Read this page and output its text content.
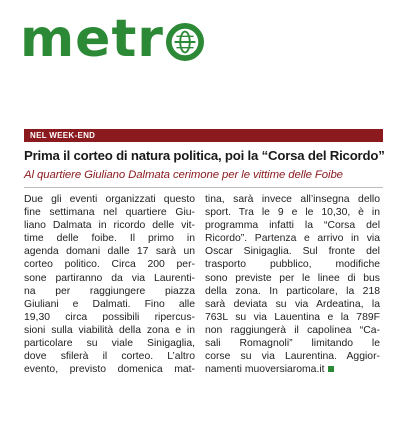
metr
NEL WEEK-END
Prima il corteo di natura politica, poi la “Corsa del Ricordo”
Al quartiere Giuliano Dalmata cerimone per le vittime delle Foibe
Due gli eventi organizzati questo
fine settimana nel quartiere Giu-
liano Dalmata in ricordo delle vit-
time delle foibe. Il primo in
agenda domani dalle 17 sarà un
corteo politico. Circa 200 per-
sone partiranno da via Laurenti-
na per raggiungere piazza
Giuliani e Dalmati. Fino alle
19,30 circa possibili ripercus-
sioni sulla viabilità della zona e in
particolare su viale Sinigaglia,
dove sfilerà il corteo. L’altro
evento, previsto domenica mat-
tina, sarà invece all’insegna dello
sport. Tra le 9 e le 10,30, è in
programma infatti la “Corsa del
Ricordo”. Partenza e arrivo in via
Oscar Sinigaglia. Sul fronte del
trasporto pubblico, modifiche
sono previste per le linee di bus
della zona. In particolare, la 218
sarà deviata su via Ardeatina, la
763L su via Lauentina e la 789F
non raggiungerà il capolinea “Ca-
sali Romagnoli” limitando le
corse su via Laurentina. Aggior-
namenti muoversiaroma.it
